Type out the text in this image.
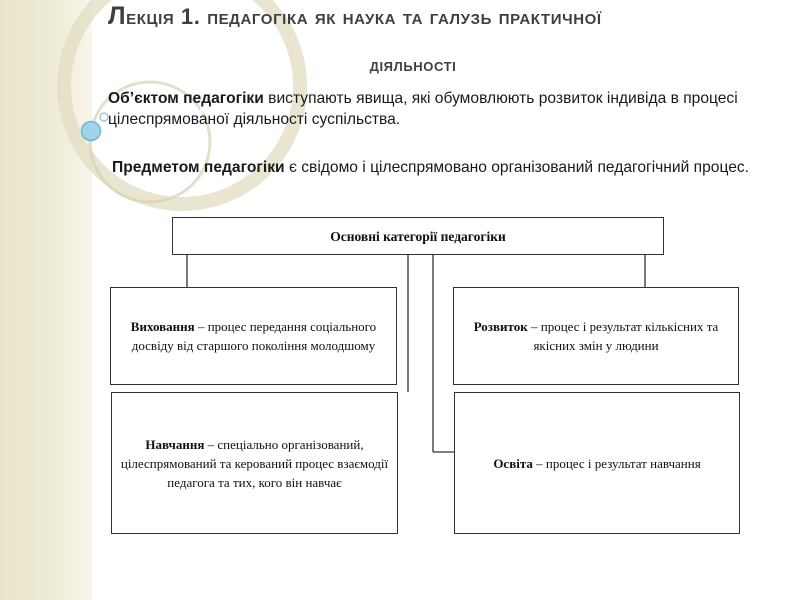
Лекція 1. педагогіка як наука та галузь практичної
діяльності
Об’єктом педагогіки виступають явища, які обумовлюють розвиток індивіда в процесі цілеспрямованої діяльності суспільства.
Предметом педагогіки є свідомо і цілеспрямовано організований педагогічний процес.
Основні категорії педагогіки
Виховання – процес передання соціального досвіду від старшого покоління молодшому
Розвиток – процес і результат кількісних та якісних змін у людини
Навчання – спеціально організований, цілеспрямований та керований процес взаємодії педагога та тих, кого він навчає
Освіта – процес і результат навчання
